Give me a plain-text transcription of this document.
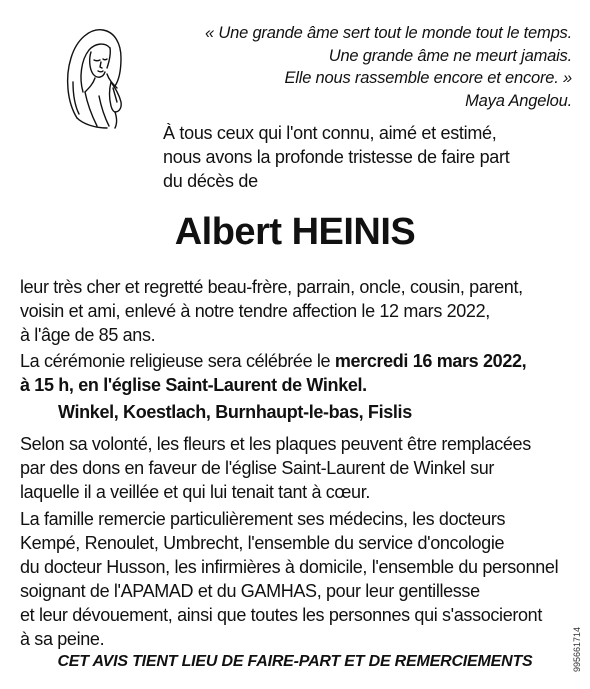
« Une grande âme sert tout le monde tout le temps.
Une grande âme ne meurt jamais.
Elle nous rassemble encore et encore. »
Maya Angelou.
À tous ceux qui l'ont connu, aimé et estimé,
nous avons la profonde tristesse de faire part
du décès de
Albert HEINIS
leur très cher et regretté beau-frère, parrain, oncle, cousin, parent,
voisin et ami, enlevé à notre tendre affection le 12 mars 2022,
à l'âge de 85 ans.
La cérémonie religieuse sera célébrée le mercredi 16 mars 2022,
à 15 h, en l'église Saint-Laurent de Winkel.
Winkel, Koestlach, Burnhaupt-le-bas, Fislis
Selon sa volonté, les fleurs et les plaques peuvent être remplacées
par des dons en faveur de l'église Saint-Laurent de Winkel sur
laquelle il a veillée et qui lui tenait tant à cœur.
La famille remercie particulièrement ses médecins, les docteurs
Kempé, Renoulet, Umbrecht, l'ensemble du service d'oncologie
du docteur Husson, les infirmières à domicile, l'ensemble du personnel
soignant de l'APAMAD et du GAMHAS, pour leur gentillesse
et leur dévouement, ainsi que toutes les personnes qui s'associeront
à sa peine.
CET AVIS TIENT LIEU DE FAIRE-PART ET DE REMERCIEMENTS	995661714
